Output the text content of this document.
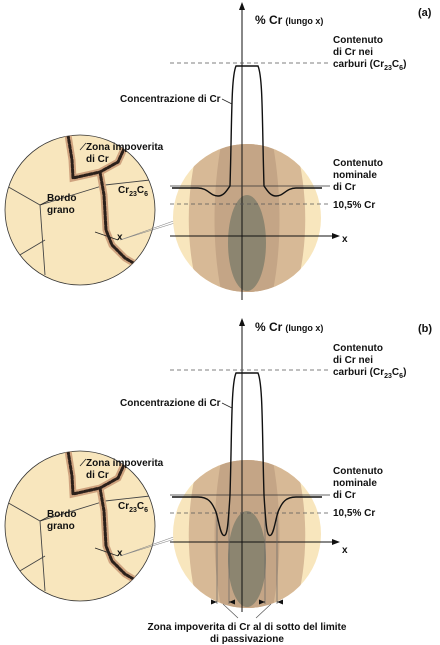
Zona impoverita
di Cr
Bordo
grano
$Cr_{23}C_6$
x
(a)
% Cr (lungo x)
x
Contenuto
di Cr nei
carburi $(Cr_{23}C_6)$
Concentrazione di Cr
Contenuto
nominale
di Cr
10,5% Cr
Zona impoverita
di Cr
Bordo
grano
$Cr_{23}C_6$
x
(b)
% Cr (lungo x)
x
Contenuto
di Cr nei
carburi $(Cr_{23}C_6)$
Concentrazione di Cr
Contenuto
nominale
di Cr
10,5% Cr
Zona impoverita di Cr al di sotto del limite
di passivazione
